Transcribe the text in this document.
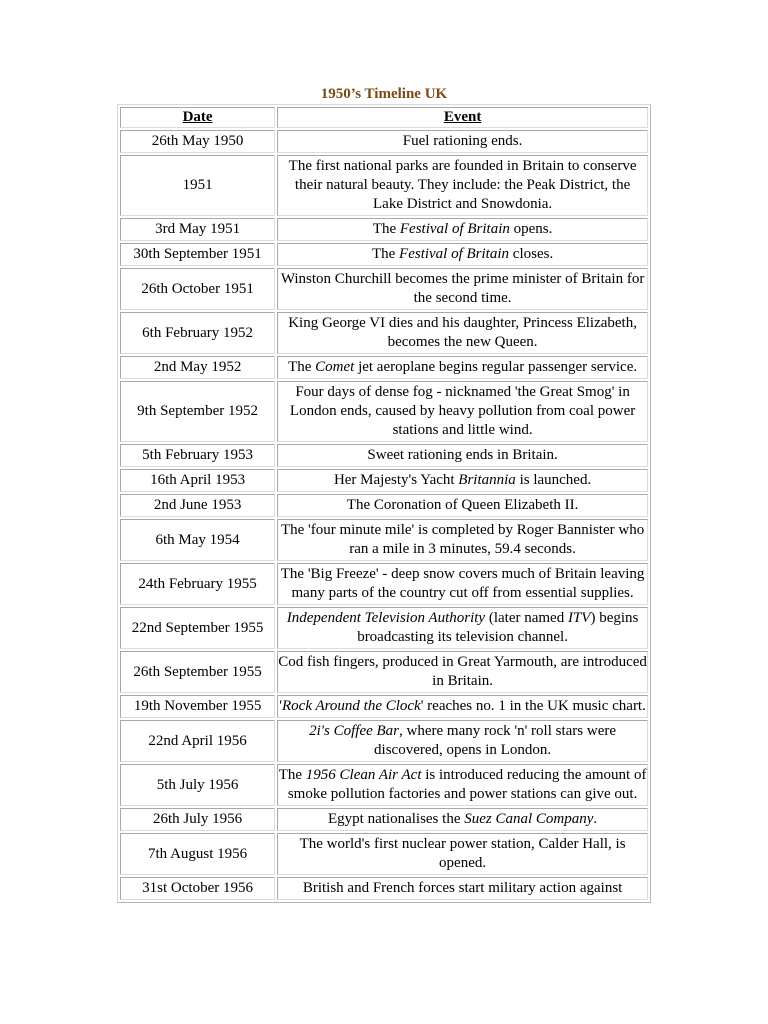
1950’s Timeline UK
Date	Event
26th May 1950	Fuel rationing ends.
1951	The first national parks are founded in Britain to conserve their natural beauty. They include: the Peak District, the Lake District and Snowdonia.
3rd May 1951	The Festival of Britain opens.
30th September 1951	The Festival of Britain closes.
26th October 1951	Winston Churchill becomes the prime minister of Britain for the second time.
6th February 1952	King George VI dies and his daughter, Princess Elizabeth, becomes the new Queen.
2nd May 1952	The Comet jet aeroplane begins regular passenger service.
9th September 1952	Four days of dense fog - nicknamed 'the Great Smog' in London ends, caused by heavy pollution from coal power stations and little wind.
5th February 1953	Sweet rationing ends in Britain.
16th April 1953	Her Majesty's Yacht Britannia is launched.
2nd June 1953	The Coronation of Queen Elizabeth II.
6th May 1954	The 'four minute mile' is completed by Roger Bannister who ran a mile in 3 minutes, 59.4 seconds.
24th February 1955	The 'Big Freeze' - deep snow covers much of Britain leaving many parts of the country cut off from essential supplies.
22nd September 1955	Independent Television Authority (later named ITV) begins broadcasting its television channel.
26th September 1955	Cod fish fingers, produced in Great Yarmouth, are introduced in Britain.
19th November 1955	'Rock Around the Clock' reaches no. 1 in the UK music chart.
22nd April 1956	2i's Coffee Bar, where many rock 'n' roll stars were discovered, opens in London.
5th July 1956	The 1956 Clean Air Act is introduced reducing the amount of smoke pollution factories and power stations can give out.
26th July 1956	Egypt nationalises the Suez Canal Company.
7th August 1956	The world's first nuclear power station, Calder Hall, is opened.
31st October 1956	British and French forces start military action against
